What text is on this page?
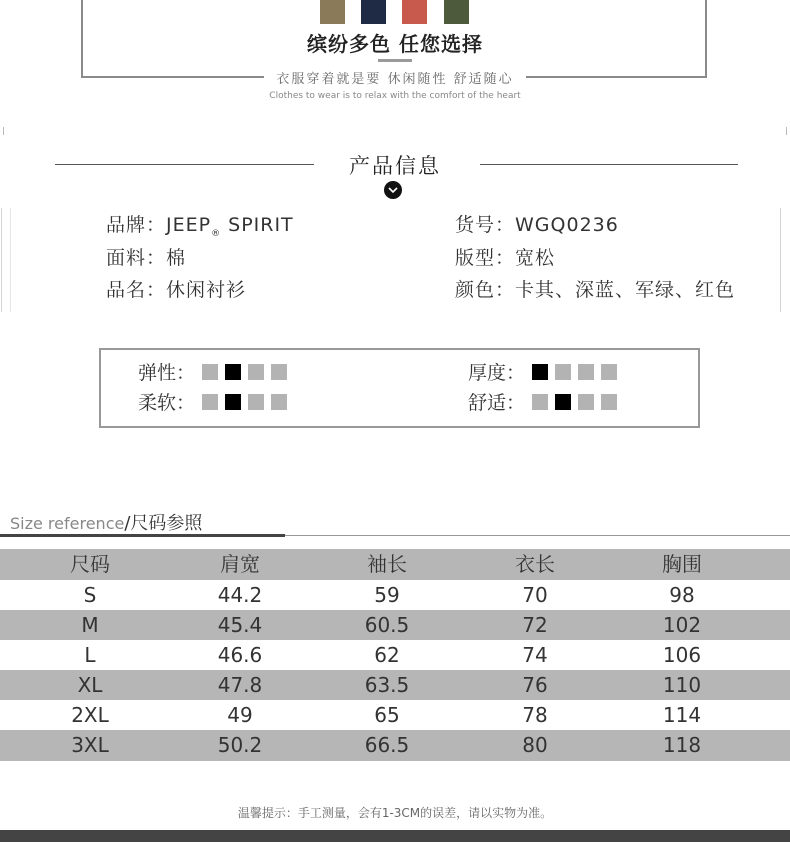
缤纷多色 任您选择
衣服穿着就是要 休闲随性 舒适随心
Clothes to wear is to relax with the comfort of the heart
产品信息
品牌：$JEEP_®$ SPIRIT	货号：WGQ0236
面料：棉	版型：宽松
品名：休闲衬衫	颜色：卡其、深蓝、军绿、红色
弹性：	厚度：
柔软：	舒适：
Size reference/尺码参照
尺码	肩宽	袖长	衣长	胸围
S	44.2	59	70	98
M	45.4	60.5	72	102
L	46.6	62	74	106
XL	47.8	63.5	76	110
2XL	49	65	78	114
3XL	50.2	66.5	80	118
温馨提示：手工测量，会有1-3CM的误差，请以实物为准。
